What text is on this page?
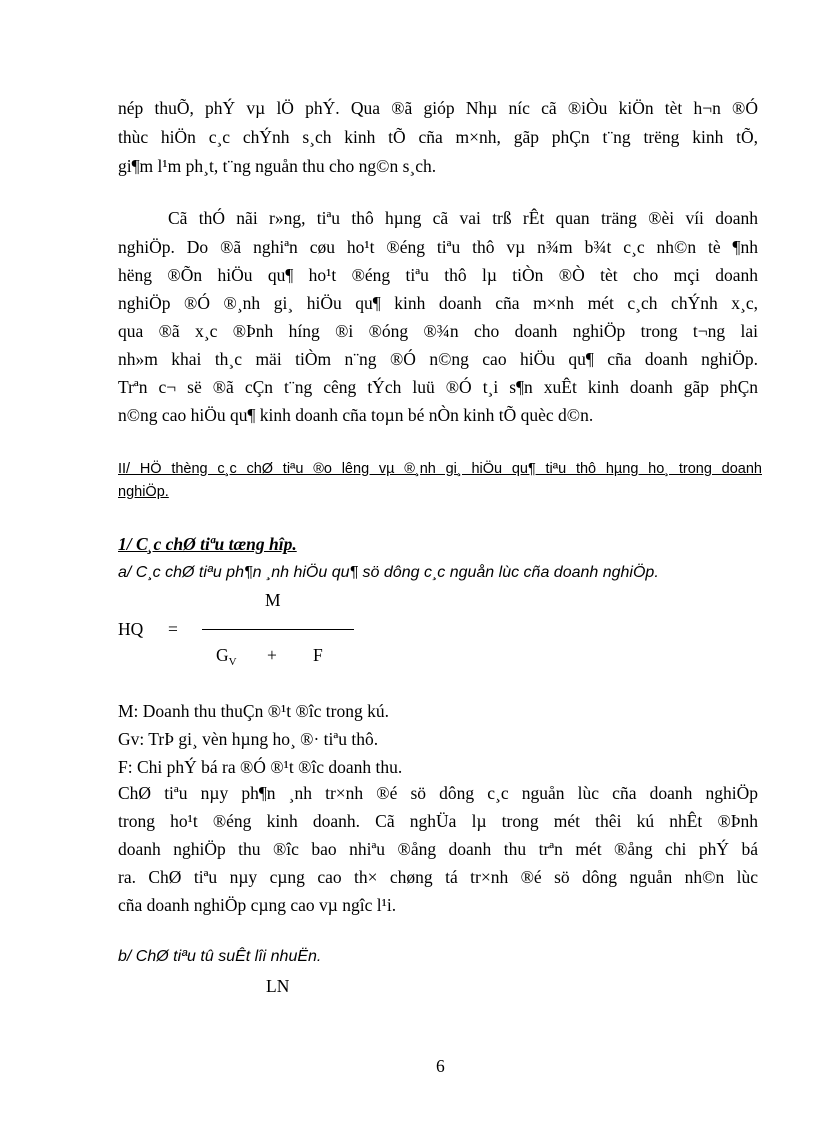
nép thuÕ, phÝ vµ lÖ phÝ. Qua ®ã gióp Nhµ níc cã ®iÒu kiÖn tèt h¬n ®Ó
thùc hiÖn c¸c chÝnh s¸ch kinh tÕ cña m×nh, gãp phÇn t¨ng trëng kinh tÕ,
gi¶m l¹m ph¸t, t¨ng nguån thu cho ng©n s¸ch.
Cã thÓ nãi r»ng, tiªu thô hµng cã vai trß rÊt quan träng ®èi víi doanh
nghiÖp. Do ®ã nghiªn cøu ho¹t ®éng tiªu thô vµ n¾m b¾t c¸c nh©n tè ¶nh
hëng ®Õn hiÖu qu¶ ho¹t ®éng tiªu thô lµ tiÒn ®Ò tèt cho mçi doanh
nghiÖp ®Ó ®¸nh gi¸ hiÖu qu¶ kinh doanh cña m×nh mét c¸ch chÝnh x¸c,
qua ®ã x¸c ®Þnh híng ®i ®óng ®¾n cho doanh nghiÖp trong t¬ng lai
nh»m khai th¸c mäi tiÒm n¨ng ®Ó n©ng cao hiÖu qu¶ cña doanh nghiÖp.
Trªn c¬ së ®ã cÇn t¨ng cêng tÝch luü ®Ó t¸i s¶n xuÊt kinh doanh gãp phÇn
n©ng cao hiÖu qu¶ kinh doanh cña toµn bé nÒn kinh tÕ quèc d©n.
II/ HÖ thèng c¸c chØ tiªu ®o lêng vµ ®¸nh gi¸ hiÖu qu¶ tiªu thô hµng ho¸ trong doanh
nghiÖp.
1/ C¸c chØ tiªu tæng hîp.
a/ C¸c chØ tiªu ph¶n ¸nh hiÖu qu¶ sö dông c¸c nguån lùc cña doanh nghiÖp.
M
HQ =
$G_V + F$
M: Doanh thu thuÇn ®¹t ®îc trong kú.
Gv: TrÞ gi¸ vèn hµng ho¸ ®· tiªu thô.
F: Chi phÝ bá ra ®Ó ®¹t ®îc doanh thu.
ChØ tiªu nµy ph¶n ¸nh tr×nh ®é sö dông c¸c nguån lùc cña doanh nghiÖp
trong ho¹t ®éng kinh doanh. Cã nghÜa lµ trong mét thêi kú nhÊt ®Þnh
doanh nghiÖp thu ®îc bao nhiªu ®ång doanh thu trªn mét ®ång chi phÝ bá
ra. ChØ tiªu nµy cµng cao th× chøng tá tr×nh ®é sö dông nguån nh©n lùc
cña doanh nghiÖp cµng cao vµ ngîc l¹i.
b/ ChØ tiªu tû suÊt lîi nhuËn.
LN
6
